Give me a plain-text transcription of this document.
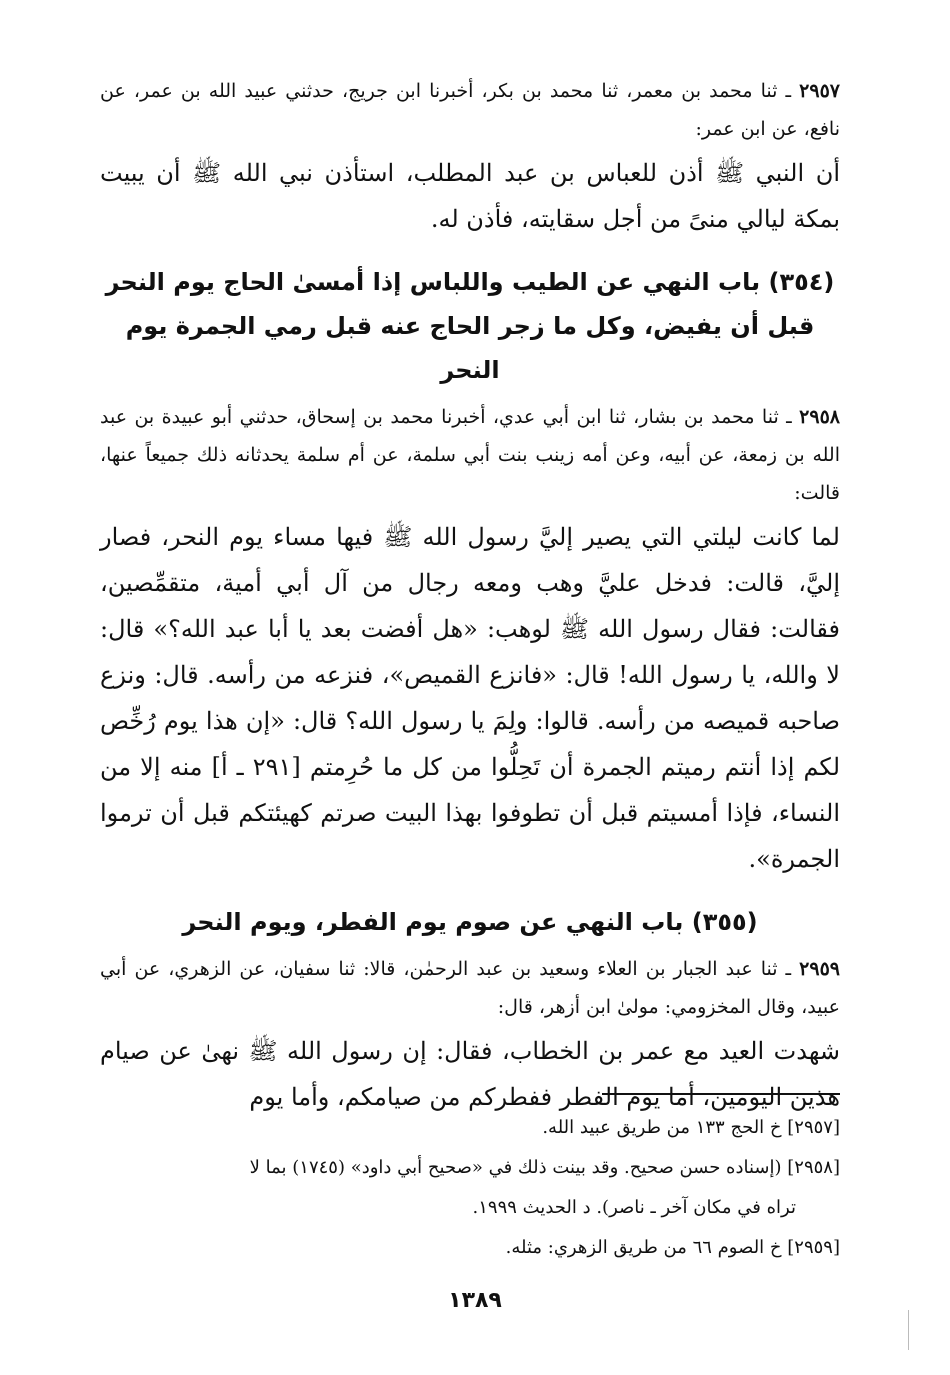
٢٩٥٧ ـ ثنا محمد بن معمر، ثنا محمد بن بكر، أخبرنا ابن جريج، حدثني عبيد الله بن عمر، عن نافع، عن ابن عمر:

أن النبي ﷺ أذن للعباس بن عبد المطلب، استأذن نبي الله ﷺ أن يبيت بمكة ليالي منىً من أجل سقايته، فأذن له.

(٣٥٤) باب النهي عن الطيب واللباس إذا أمسىٰ الحاج يوم النحر
قبل أن يفيض، وكل ما زجر الحاج عنه قبل رمي الجمرة يوم النحر

٢٩٥٨ ـ ثنا محمد بن بشار، ثنا ابن أبي عدي، أخبرنا محمد بن إسحاق، حدثني أبو عبيدة بن عبد الله بن زمعة، عن أبيه، وعن أمه زينب بنت أبي سلمة، عن أم سلمة يحدثانه ذلك جميعاً عنها، قالت:

لما كانت ليلتي التي يصير إليَّ رسول الله ﷺ فيها مساء يوم النحر، فصار إليَّ، قالت: فدخل عليَّ وهب ومعه رجال من آل أبي أمية، متقمِّصين، فقالت: فقال رسول الله ﷺ لوهب: «هل أفضت بعد يا أبا عبد الله؟» قال: لا والله، يا رسول الله! قال: «فانزع القميص»، فنزعه من رأسه. قال: ونزع صاحبه قميصه من رأسه. قالوا: ولِمَ يا رسول الله؟ قال: «إن هذا يوم رُخِّص لكم إذا أنتم رميتم الجمرة أن تَحِلُّوا من كل ما حُرِمتم [٢٩١ ـ أ] منه إلا من النساء، فإذا أمسيتم قبل أن تطوفوا بهذا البيت صرتم كهيئتكم قبل أن ترموا الجمرة».

(٣٥٥) باب النهي عن صوم يوم الفطر، ويوم النحر

٢٩٥٩ ـ ثنا عبد الجبار بن العلاء وسعيد بن عبد الرحمٰن، قالا: ثنا سفيان، عن الزهري، عن أبي عبيد، وقال المخزومي: مولىٰ ابن أزهر، قال:

شهدت العيد مع عمر بن الخطاب، فقال: إن رسول الله ﷺ نهىٰ عن صيام هذين اليومين، أما يوم الفطر ففطركم من صيامكم، وأما يوم

[٢٩٥٧] خ الحج ١٣٣ من طريق عبيد الله.

[٢٩٥٨] (إسناده حسن صحيح. وقد بينت ذلك في «صحيح أبي داود» (١٧٤٥) بما لا
تراه في مكان آخر ـ ناصر). د الحديث ١٩٩٩.

[٢٩٥٩] خ الصوم ٦٦ من طريق الزهري: مثله.

١٣٨٩
